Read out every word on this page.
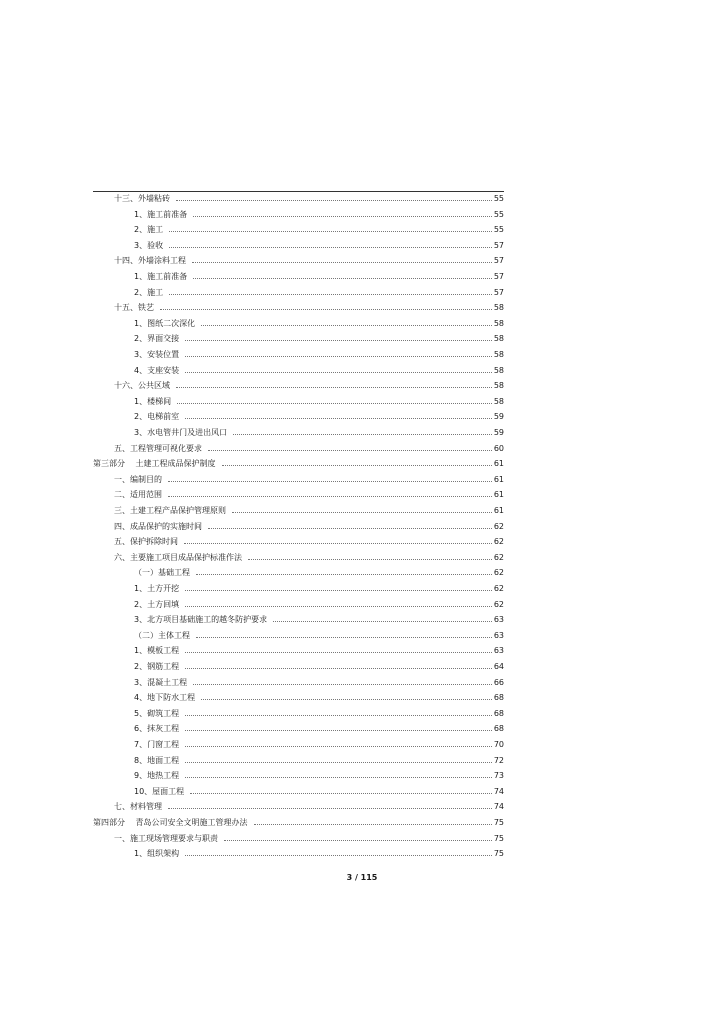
十三、外墙粘砖	55
1、施工前准备	55
2、施工	55
3、验收	57
十四、外墙涂料工程	57
1、施工前准备	57
2、施工	57
十五、铁艺	58
1、图纸二次深化	58
2、界面交接	58
3、安装位置	58
4、支座安装	58
十六、公共区域	58
1、楼梯间	58
2、电梯前室	59
3、水电管井门及进出风口	59
五、工程管理可视化要求	60
第三部分　 土建工程成品保护制度	61
一、编制目的	61
二、适用范围	61
三、土建工程产品保护管理原则	61
四、成品保护的实施时间	62
五、保护拆除时间	62
六、主要施工项目成品保护标准作法	62
（一）基础工程	62
1、土方开挖	62
2、土方回填	62
3、北方项目基础施工的越冬防护要求	63
（二）主体工程	63
1、模板工程	63
2、钢筋工程	64
3、混凝土工程	66
4、地下防水工程	68
5、砌筑工程	68
6、抹灰工程	68
7、门窗工程	70
8、地面工程	72
9、地热工程	73
10、屋面工程	74
七、材料管理	74
第四部分　 青岛公司安全文明施工管理办法	75
一、施工现场管理要求与职责	75
1、组织架构	75
3 / 115
